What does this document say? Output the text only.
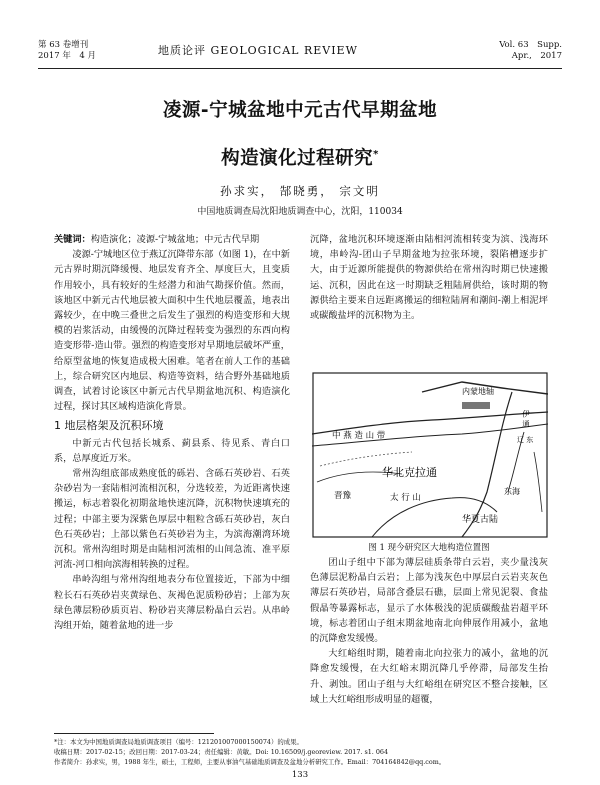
第 63 卷增刊
2017 年　4 月	地质论评 GEOLOGICAL REVIEW	Vol. 63　Supp.
Apr.,　2017
凌源-宁城盆地中元古代早期盆地
构造演化过程研究*
孙求实， 郜晓勇， 宗文明
中国地质调查局沈阳地质调查中心，沈阳，110034

关键词：构造演化；凌源-宁城盆地；中元古代早期

凌源-宁城地区位于燕辽沉降带东部（如图 1)，在中新元古界时期沉降缓慢、地层发育齐全、厚度巨大，且变质作用较小，具有较好的生烃潜力和油气勘探价值。然而，该地区中新元古代地层被大面积中生代地层覆盖，地表出露较少，在中晚三叠世之后发生了强烈的构造变形和大规模的岩浆活动，由缓慢的沉降过程转变为强烈的东西向构造变形带-造山带。强烈的构造变形对早期地层破坏严重，给原型盆地的恢复造成极大困难。笔者在前人工作的基础上，综合研究区内地层、构造等资料，结合野外基础地质调查，试着讨论该区中新元古代早期盆地沉积、构造演化过程，探讨其区域构造演化背景。

1 地层格架及沉积环境

中新元古代包括长城系、蓟县系、待见系、青白口系，总厚度近万米。

常州沟组底部成熟度低的砾岩、含砾石英砂岩、石英杂砂岩为一套陆相河流相沉积，分选较差，为近距离快速搬运，标志着裂化初期盆地快速沉降，沉积物快速填充的过程；中部主要为深紫色厚层中粗粒含砾石英砂岩，灰白色石英砂岩；上部以紫色石英砂岩为主，为滨海潮湾环境沉积。常州沟组时期是由陆相河流相的山间急流、准平原河流-河口相向滨海相转换的过程。

串岭沟组与常州沟组地表分布位置接近，下部为中细粒长石石英砂岩夹黄绿色、灰褐色泥质粉砂岩；上部为灰绿色薄层粉砂质页岩、粉砂岩夹薄层粉晶白云岩。从串岭沟组开始，随着盆地的进一步

沉降，盆地沉积环境逐渐由陆相河流相转变为滨、浅海环境，串岭沟-团山子早期盆地为拉张环境，裂陷槽逐步扩大，由于近源所能提供的物源供给在常州沟时期已快速搬运、沉积，因此在这一时期缺乏粗陆屑供给，该时期的物源供给主要来自远距离搬运的细粒陆屑和潮间-潮上相泥坪或碳酸盐坪的沉积物为主。

内蒙地轴
中 燕 造 山 带
华北克拉通
太 行 山
晋豫	东海
华夏古陆
伊 通
辽 东
图 1 现今研究区大地构造位置图

团山子组中下部为薄层硅质条带白云岩，夹少量浅灰色薄层泥粉晶白云岩；上部为浅灰色中厚层白云岩夹灰色薄层石英砂岩，局部含叠层石礁，层面上常见泥裂、食盐假晶等暴露标志，显示了水体极浅的泥质碳酸盐岩超平环境，标志着团山子组末期盆地南北向伸展作用减小，盆地的沉降愈发缓慢。

大红峪组时期，随着南北向拉张力的减小，盆地的沉降愈发缓慢，在大红峪末期沉降几乎停滞，局部发生抬升、剥蚀。团山子组与大红峪组在研究区不整合接触，区域上大红峪组形成明显的超覆，

*注：本文为中国地质调查局地质调查项目（编号：121201007000150074）的成果。
收稿日期：2017-02-15；改回日期：2017-03-24；责任编辑：黄敏。Doi: 10.16509/j.georeview. 2017. s1. 064
作者简介：孙求实，男，1988 年生，硕士，工程师，主要从事油气基础地质调查及盆地分析研究工作。Email：704164842@qq.com。
133
